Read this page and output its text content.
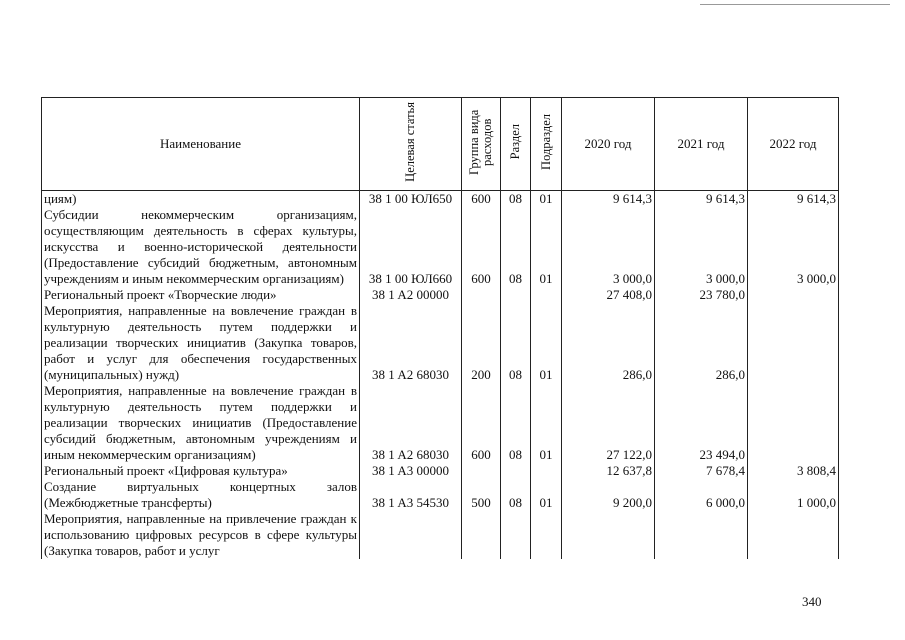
Наименование	Целевая статья	Группа вида расходов	Раздел	Подраздел	2020 год	2021 год	2022 год
циям)	38 1 00 ЮЛ650	600	08	01	9 614,3	9 614,3	9 614,3
Субсидии некоммерческим организациям, осуществляющим деятельность в сферах культуры, искусства и военно-исторической деятельности (Предоставление субсидий бюджетным, автономным учреждениям и иным некоммерческим организациям)	38 1 00 ЮЛ660	600	08	01	3 000,0	3 000,0	3 000,0
Региональный проект «Творческие люди»	38 1 A2 00000				27 408,0	23 780,0	
Мероприятия, направленные на вовлечение граждан в культурную деятельность путем поддержки и реализации творческих инициатив (Закупка товаров, работ и услуг для обеспечения государственных (муниципальных) нужд)	38 1 A2 68030	200	08	01	286,0	286,0	
Мероприятия, направленные на вовлечение граждан в культурную деятельность путем поддержки и реализации творческих инициатив (Предоставление субсидий бюджетным, автономным учреждениям и иным некоммерческим организациям)	38 1 A2 68030	600	08	01	27 122,0	23 494,0	
Региональный проект «Цифровая культура»	38 1 A3 00000				12 637,8	7 678,4	3 808,4
Создание виртуальных концертных залов (Межбюджетные трансферты)	38 1 A3 54530	500	08	01	9 200,0	6 000,0	1 000,0
Мероприятия, направленные на привлечение граждан к использованию цифровых ресурсов в сфере культуры (Закупка товаров, работ и услуг							
340
